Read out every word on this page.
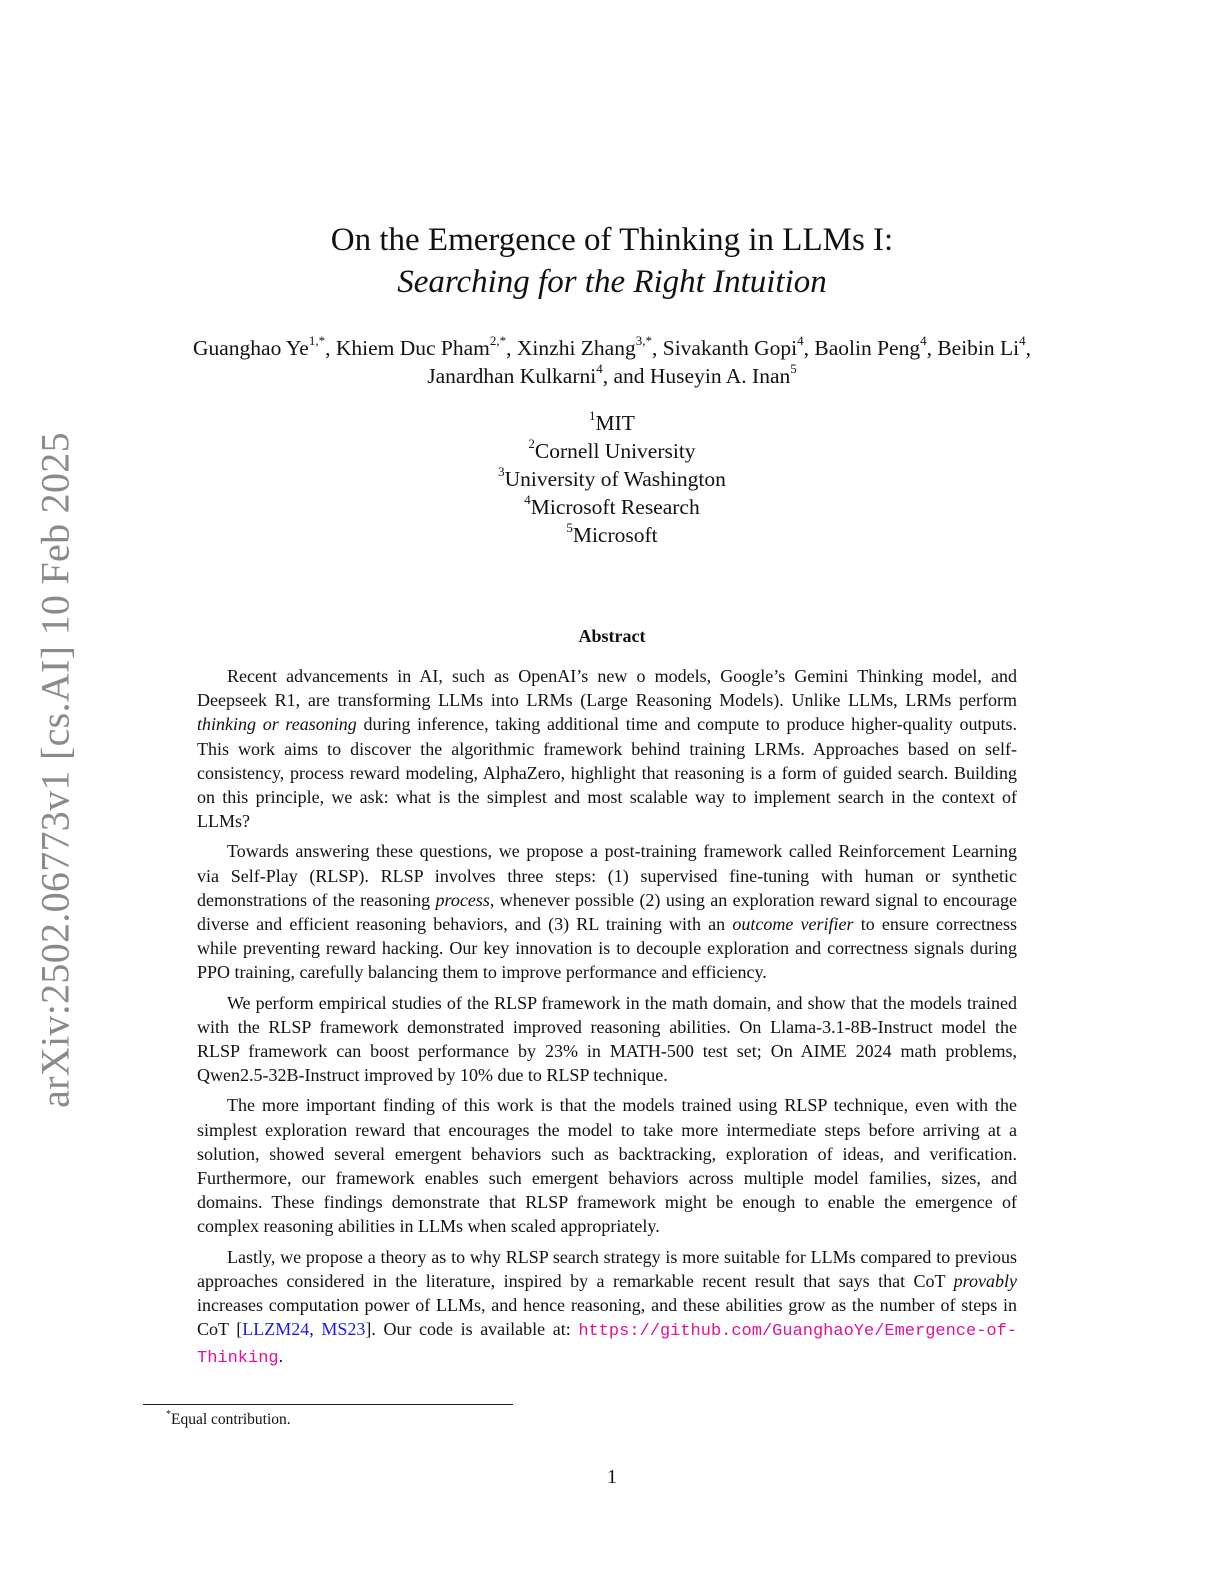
arXiv:2502.06773v1 [cs.AI] 10 Feb 2025
On the Emergence of Thinking in LLMs I:
Searching for the Right Intuition
Guanghao $Ye^{1,*}$, Khiem Duc Pham$^{2,*}$, Xinzhi Zhang$^{3,*}$, Sivakanth Gopi$^4$, Baolin Peng$^4$, Beibin Li$^4$,
Janardhan Kulkarni$^4$, and Huseyin A. Inan$^5$
$^1$MIT
$^2$Cornell University
$^3$University of Washington
$^4$Microsoft Research
$^5$Microsoft
Abstract

Recent advancements in AI, such as OpenAI’s new o models, Google’s Gemini Thinking model, and Deepseek R1, are transforming LLMs into LRMs (Large Reasoning Models). Unlike LLMs, LRMs perform thinking or reasoning during inference, taking additional time and compute to produce higher-quality outputs. This work aims to discover the algorithmic framework behind training LRMs. Approaches based on self-consistency, process reward modeling, AlphaZero, highlight that reasoning is a form of guided search. Building on this principle, we ask: what is the simplest and most scalable way to implement search in the context of LLMs?

Towards answering these questions, we propose a post-training framework called Reinforcement Learning via Self-Play (RLSP). RLSP involves three steps: (1) supervised fine-tuning with human or synthetic demonstrations of the reasoning process, whenever possible (2) using an exploration reward signal to encourage diverse and efficient reasoning behaviors, and (3) RL training with an outcome verifier to ensure correctness while preventing reward hacking. Our key innovation is to decouple exploration and correctness signals during PPO training, carefully balancing them to improve performance and efficiency.

We perform empirical studies of the RLSP framework in the math domain, and show that the models trained with the RLSP framework demonstrated improved reasoning abilities. On Llama-3.1-8B-Instruct model the RLSP framework can boost performance by 23% in MATH-500 test set; On AIME 2024 math problems, Qwen2.5-32B-Instruct improved by 10% due to RLSP technique.

The more important finding of this work is that the models trained using RLSP technique, even with the simplest exploration reward that encourages the model to take more intermediate steps before arriving at a solution, showed several emergent behaviors such as backtracking, exploration of ideas, and verification. Furthermore, our framework enables such emergent behaviors across multiple model families, sizes, and domains. These findings demonstrate that RLSP framework might be enough to enable the emergence of complex reasoning abilities in LLMs when scaled appropriately.

Lastly, we propose a theory as to why RLSP search strategy is more suitable for LLMs compared to previous approaches considered in the literature, inspired by a remarkable recent result that says that CoT provably increases computation power of LLMs, and hence reasoning, and these abilities grow as the number of steps in CoT [LLZM24, MS23]. Our code is available at: https://github.com/GuanghaoYe/Emergence-of-Thinking.

*Equal contribution.
1
